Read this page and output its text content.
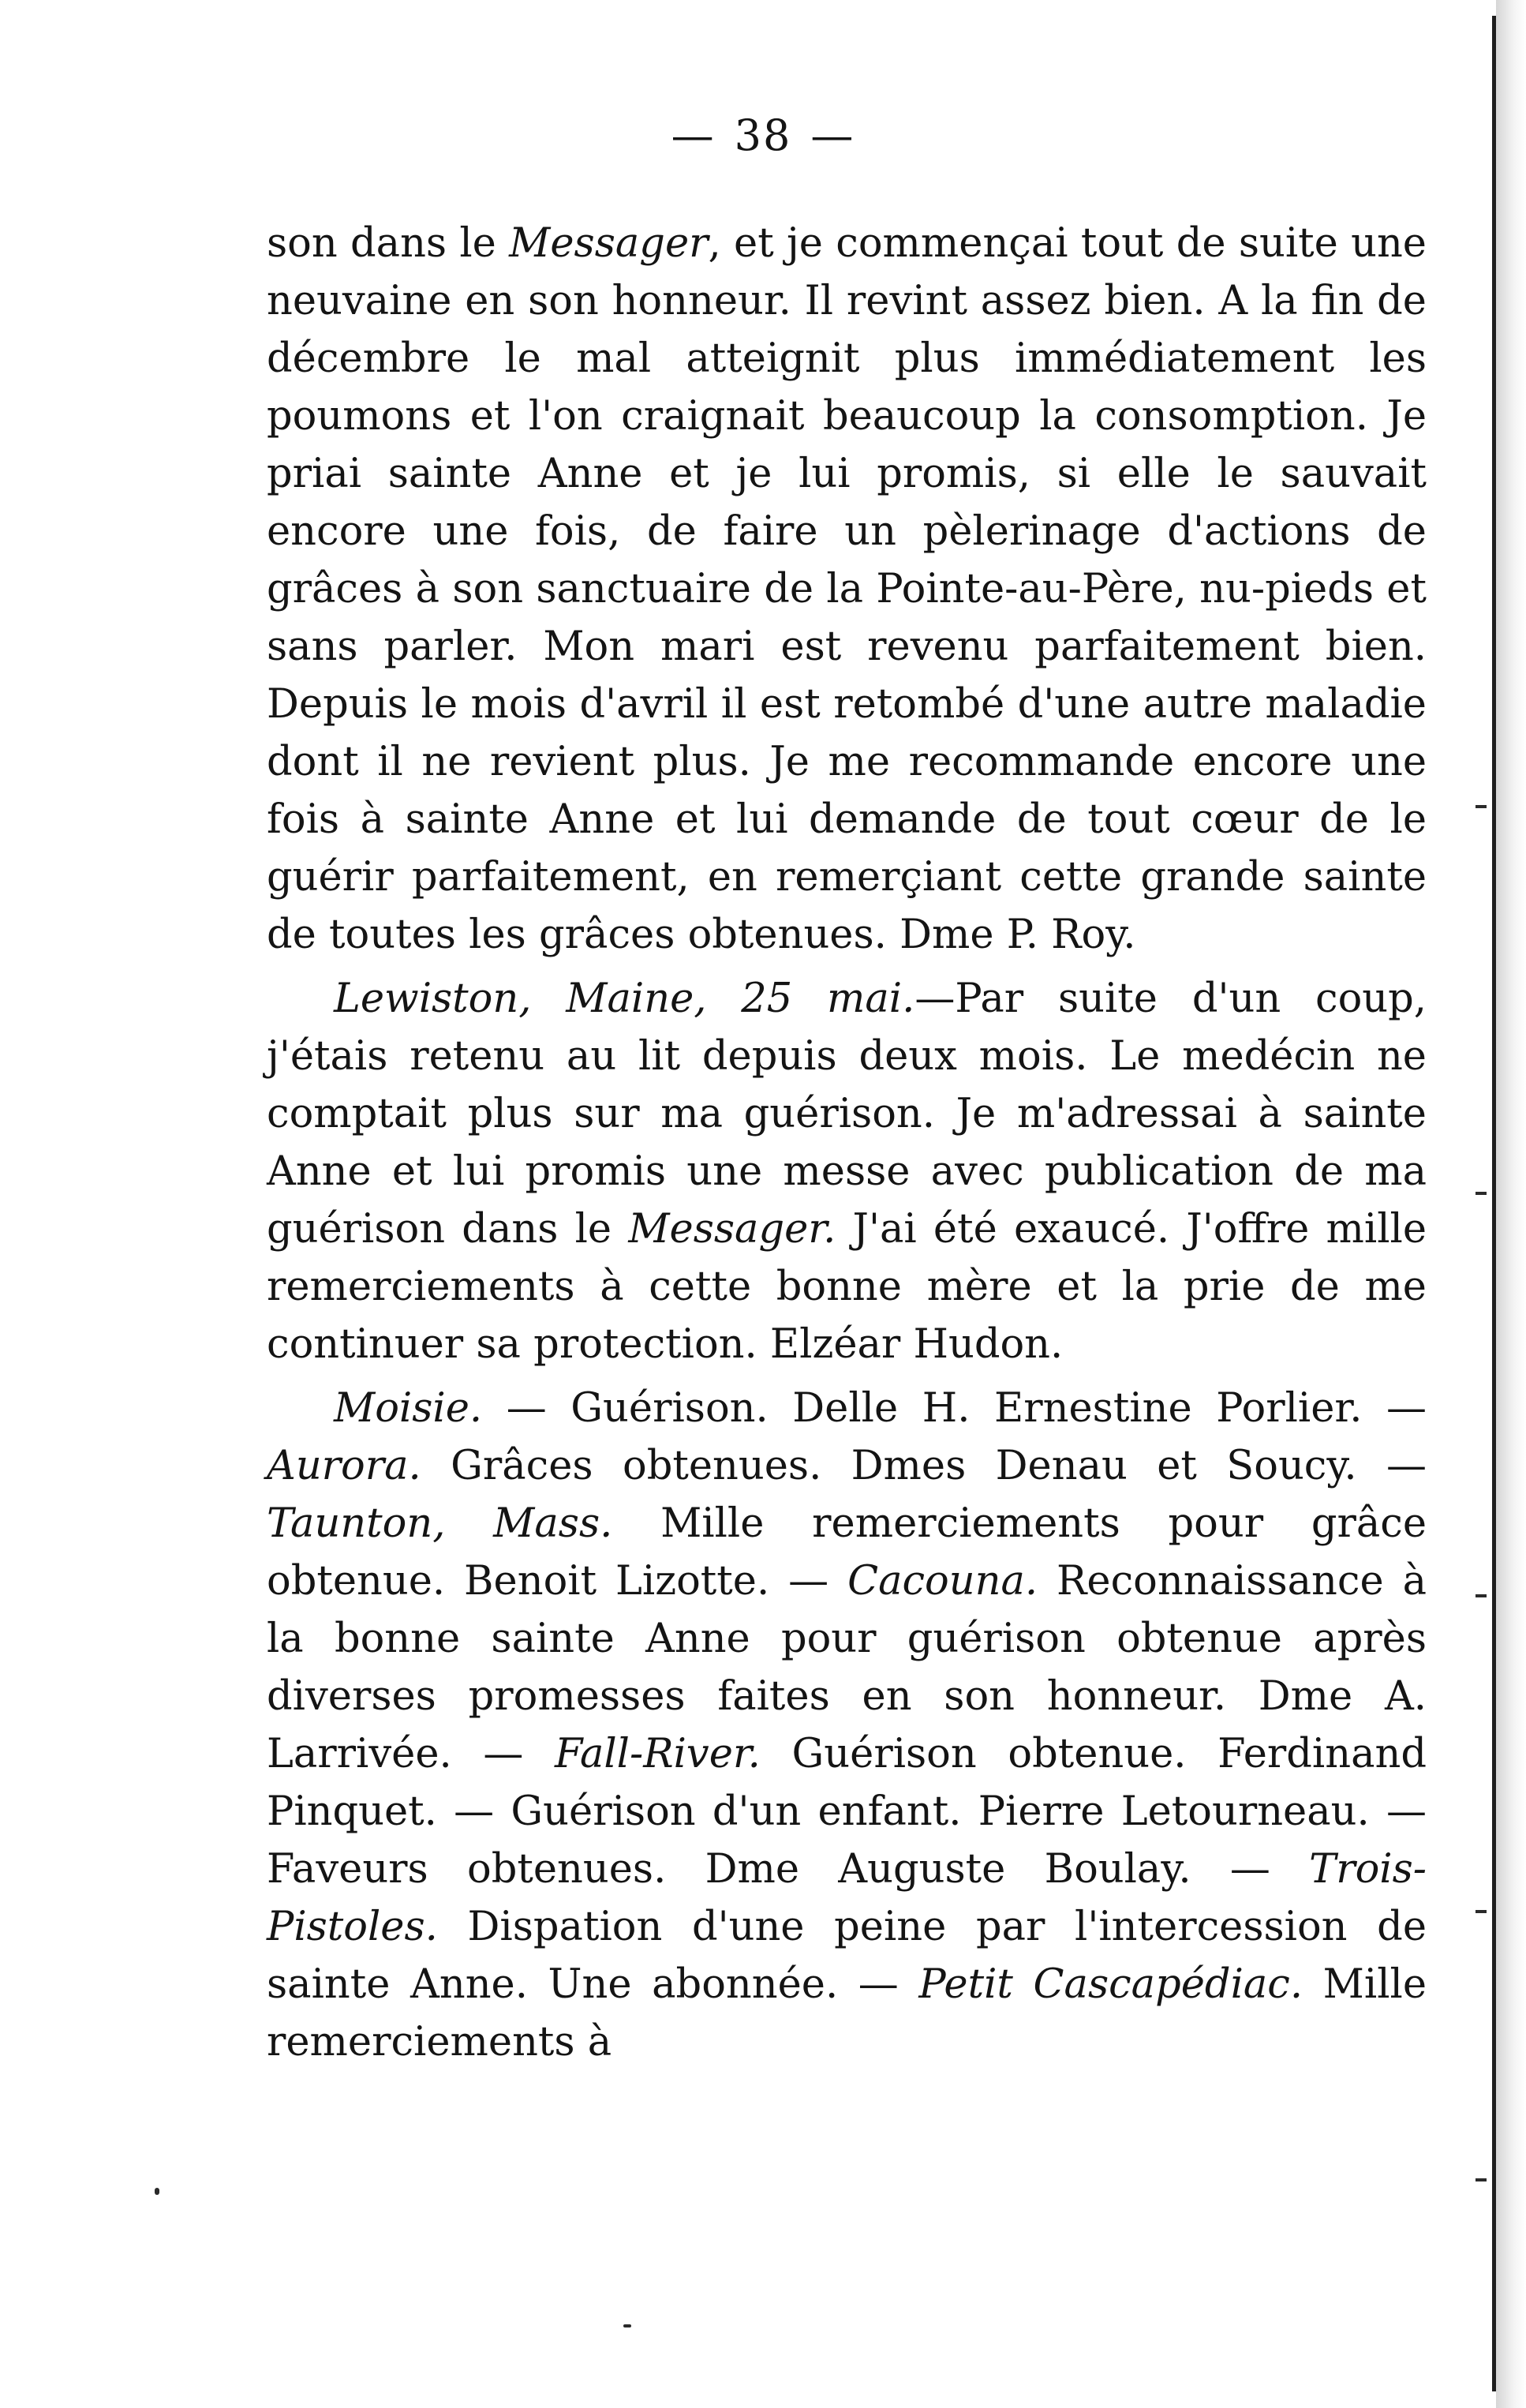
— 38 —

son dans le Messager, et je commençai tout de suite une neuvaine en son honneur. Il revint assez bien. A la fin de décembre le mal atteignit plus immédiatement les poumons et l'on craignait beaucoup la consomption. Je priai sainte Anne et je lui promis, si elle le sauvait encore une fois, de faire un pèlerinage d'actions de grâces à son sanctuaire de la Pointe-au-Père, nu-pieds et sans parler. Mon mari est revenu parfaitement bien. Depuis le mois d'avril il est retombé d'une autre maladie dont il ne revient plus. Je me recommande encore une fois à sainte Anne et lui demande de tout cœur de le guérir parfaitement, en remerçiant cette grande sainte de toutes les grâces obtenues. Dme P. Roy.

Lewiston, Maine, 25 mai.—Par suite d'un coup, j'étais retenu au lit depuis deux mois. Le medécin ne comptait plus sur ma guérison. Je m'adressai à sainte Anne et lui promis une messe avec publication de ma guérison dans le Messager. J'ai été exaucé. J'offre mille remerciements à cette bonne mère et la prie de me continuer sa protection. Elzéar Hudon.

Moisie. — Guérison. Delle H. Ernestine Porlier. — Aurora. Grâces obtenues. Dmes Denau et Soucy. — Taunton, Mass. Mille remerciements pour grâce obtenue. Benoit Lizotte. — Cacouna. Reconnaissance à la bonne sainte Anne pour guérison obtenue après diverses promesses faites en son honneur. Dme A. Larrivée. — Fall-River. Guérison obtenue. Ferdinand Pinquet. — Guérison d'un enfant. Pierre Letourneau. — Faveurs obtenues. Dme Auguste Boulay. — Trois-Pistoles. Dispation d'une peine par l'intercession de sainte Anne. Une abonnée. — Petit Cascapédiac. Mille remerciements à
